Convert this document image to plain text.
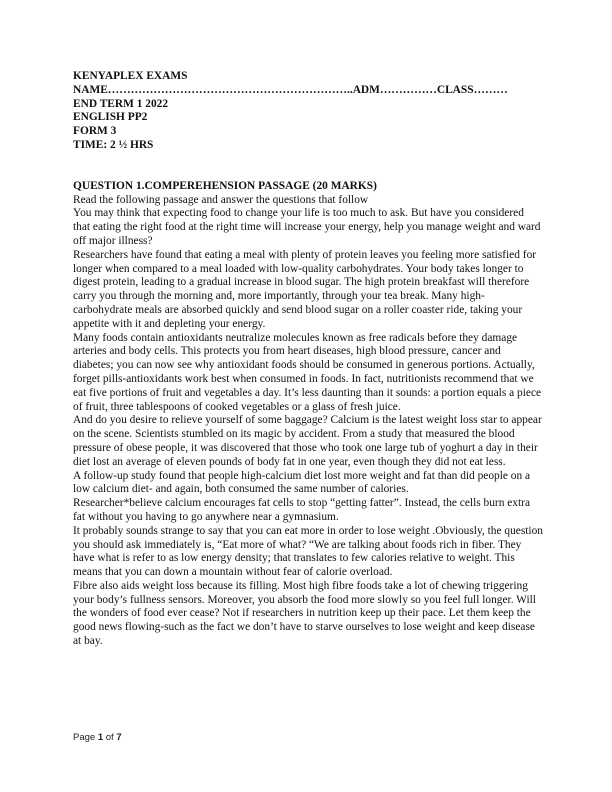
KENYAPLEX EXAMS
NAME………………………………………………………..ADM……………CLASS………
END TERM 1 2022
ENGLISH PP2
FORM 3
TIME: 2 ½ HRS
QUESTION 1.COMPEREHENSION PASSAGE (20 MARKS)

Read the following passage and answer the questions that follow

You may think that expecting food to change your life is too much to ask. But have you considered that eating the right food at the right time will increase your energy, help you manage weight and ward off major illness?

Researchers have found that eating a meal with plenty of protein leaves you feeling more satisfied for longer when compared to a meal loaded with low-quality carbohydrates. Your body takes longer to digest protein, leading to a gradual increase in blood sugar. The high protein breakfast will therefore carry you through the morning and, more importantly, through your tea break. Many high-carbohydrate meals are absorbed quickly and send blood sugar on a roller coaster ride, taking your appetite with it and depleting your energy.

Many foods contain antioxidants neutralize molecules known as free radicals before they damage arteries and body cells. This protects you from heart diseases, high blood pressure, cancer and diabetes; you can now see why antioxidant foods should be consumed in generous portions. Actually, forget pills-antioxidants work best when consumed in foods. In fact, nutritionists recommend that we eat five portions of fruit and vegetables a day. It’s less daunting than it sounds: a portion equals a piece of fruit, three tablespoons of cooked vegetables or a glass of fresh juice.

And do you desire to relieve yourself of some baggage? Calcium is the latest weight loss star to appear on the scene. Scientists stumbled on its magic by accident. From a study that measured the blood pressure of obese people, it was discovered that those who took one large tub of yoghurt a day in their diet lost an average of eleven pounds of body fat in one year, even though they did not eat less.

A follow-up study found that people high-calcium diet lost more weight and fat than did people on a low calcium diet- and again, both consumed the same number of calories.

Researcher*believe calcium encourages fat cells to stop “getting fatter”. Instead, the cells burn extra fat without you having to go anywhere near a gymnasium.

It probably sounds strange to say that you can eat more in order to lose weight .Obviously, the question you should ask immediately is, “Eat more of what? “We are talking about foods rich in fiber. They have what is refer to as low energy density; that translates to few calories relative to weight. This means that you can down a mountain without fear of calorie overload.

Fibre also aids weight loss because its filling. Most high fibre foods take a lot of chewing triggering your body’s fullness sensors. Moreover, you absorb the food more slowly so you feel full longer. Will the wonders of food ever cease? Not if researchers in nutrition keep up their pace. Let them keep the good news flowing-such as the fact we don’t have to starve ourselves to lose weight and keep disease at bay.

Page 1 of 7
